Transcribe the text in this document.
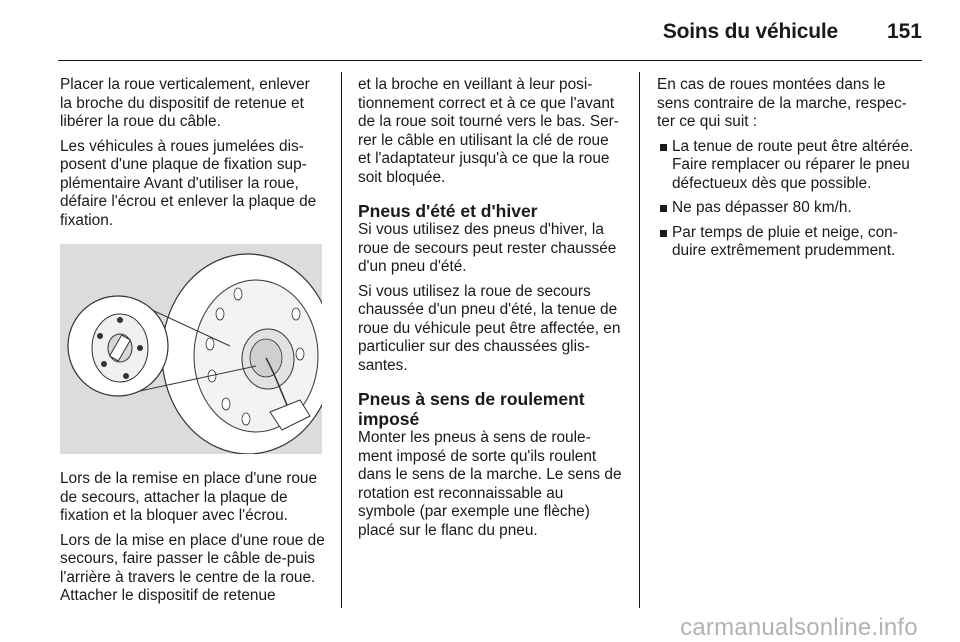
Soins du véhicule	151

Placer la roue verticalement, enlever la broche du dispositif de retenue et libérer la roue du câble.

Les véhicules à roues jumelées dis-posent d'une plaque de fixation sup-plémentaire Avant d'utiliser la roue, défaire l'écrou et enlever la plaque de fixation.

Lors de la remise en place d'une roue de secours, attacher la plaque de fixation et la bloquer avec l'écrou.

Lors de la mise en place d'une roue de secours, faire passer le câble de-puis l'arrière à travers le centre de la roue. Attacher le dispositif de retenue

et la broche en veillant à leur posi-tionnement correct et à ce que l'avant de la roue soit tourné vers le bas. Ser-rer le câble en utilisant la clé de roue et l'adaptateur jusqu'à ce que la roue soit bloquée.

Pneus d'été et d'hiver

Si vous utilisez des pneus d'hiver, la roue de secours peut rester chaussée d'un pneu d'été.

Si vous utilisez la roue de secours chaussée d'un pneu d'été, la tenue de roue du véhicule peut être affectée, en particulier sur des chaussées glis-santes.

Pneus à sens de roulement imposé

Monter les pneus à sens de roule-ment imposé de sorte qu'ils roulent dans le sens de la marche. Le sens de rotation est reconnaissable au symbole (par exemple une flèche) placé sur le flanc du pneu.

En cas de roues montées dans le sens contraire de la marche, respec-ter ce qui suit :

La tenue de route peut être altérée. Faire remplacer ou réparer le pneu défectueux dès que possible.
Ne pas dépasser 80 km/h.
Par temps de pluie et neige, con-duire extrêmement prudemment.
carmanualsonline.info
